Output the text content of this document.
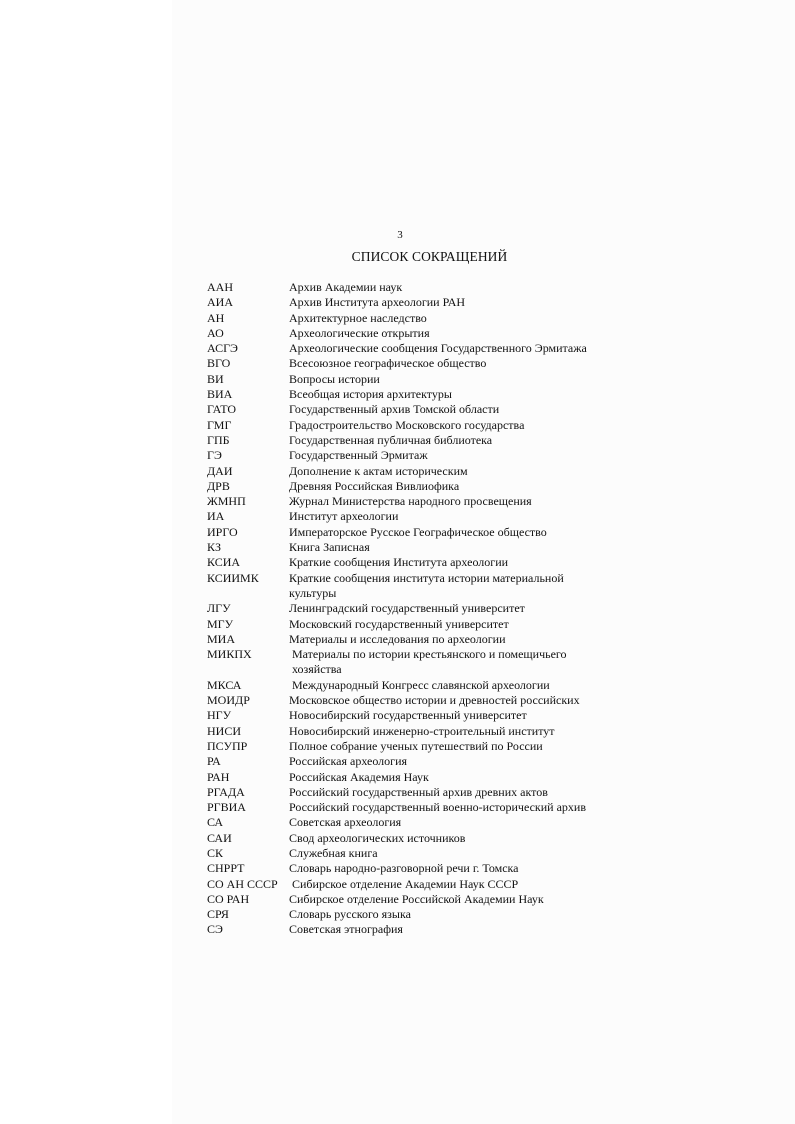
3
СПИСОК СОКРАЩЕНИЙ
ААН	Архив Академии наук
АИА	Архив Института археологии РАН
АН	Архитектурное наследство
АО	Археологические открытия
АСГЭ	Археологические сообщения Государственного Эрмитажа
ВГО	Всесоюзное географическое общество
ВИ	Вопросы истории
ВИА	Всеобщая история архитектуры
ГАТО	Государственный архив Томской области
ГМГ	Градостроительство Московского государства
ГПБ	Государственная публичная библиотека
ГЭ	Государственный Эрмитаж
ДАИ	Дополнение к актам историческим
ДРВ	Древняя Российская Вивлиофика
ЖМНП	Журнал Министерства народного просвещения
ИА	Институт археологии
ИРГО	Императорское Русское Географическое общество
КЗ	Книга Записная
КСИА	Краткие сообщения Института археологии
КСИИМК	Краткие сообщения института истории материальной культуры
ЛГУ	Ленинградский государственный университет
МГУ	Московский государственный университет
МИА	Материалы и исследования по археологии
МИКПХ	Материалы по истории крестьянского и помещичьего хозяйства
МКСА	Международный Конгресс славянской археологии
МОИДР	Московское общество истории и древностей российских
НГУ	Новосибирский государственный университет
НИСИ	Новосибирский инженерно-строительный институт
ПСУПР	Полное собрание ученых путешествий по России
РА	Российская археология
РАН	Российская Академия Наук
РГАДА	Российский государственный архив древних актов
РГВИА	Российский государственный военно-исторический архив
СА	Советская археология
САИ	Свод археологических источников
СК	Служебная книга
СНРРТ	Словарь народно-разговорной речи г. Томска
СО АН СССР	Сибирское отделение Академии Наук СССР
СО РАН	Сибирское отделение Российской Академии Наук
СРЯ	Словарь русского языка
СЭ	Советская этнография
